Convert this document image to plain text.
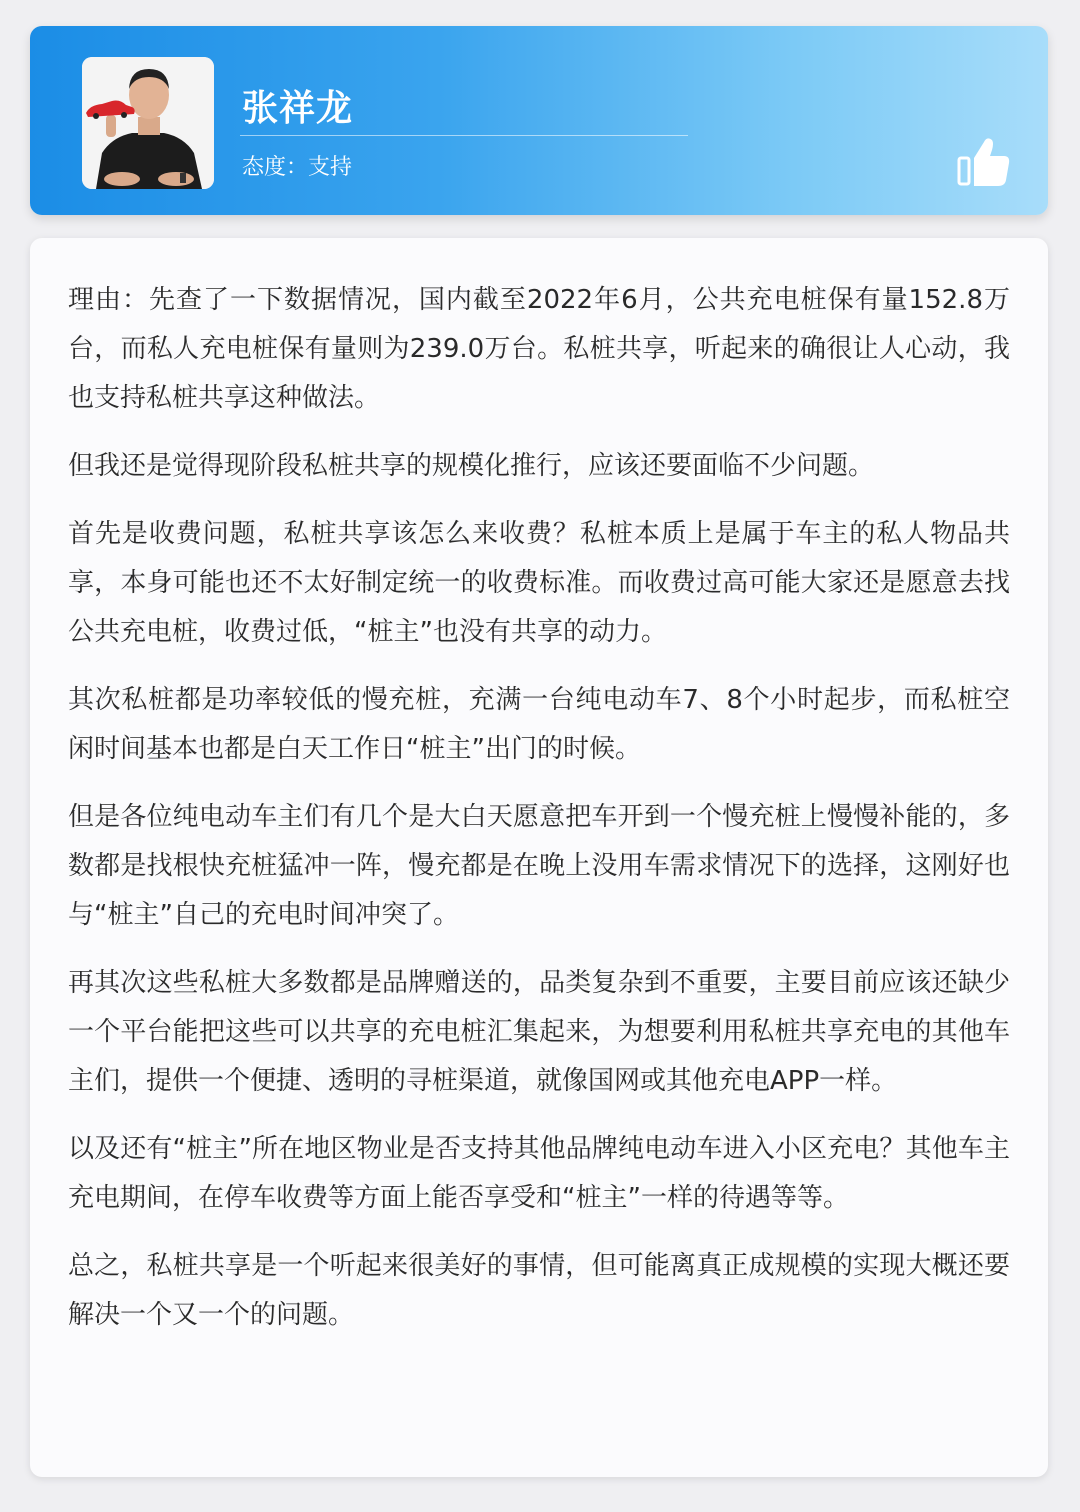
张祥龙
态度：支持

理由：先查了一下数据情况，国内截至2022年6月，公共充电桩保有量152.8万台，而私人充电桩保有量则为239.0万台。私桩共享，听起来的确很让人心动，我也支持私桩共享这种做法。

但我还是觉得现阶段私桩共享的规模化推行，应该还要面临不少问题。

首先是收费问题，私桩共享该怎么来收费？私桩本质上是属于车主的私人物品共享，本身可能也还不太好制定统一的收费标准。而收费过高可能大家还是愿意去找公共充电桩，收费过低，“桩主”也没有共享的动力。

其次私桩都是功率较低的慢充桩，充满一台纯电动车7、8个小时起步，而私桩空闲时间基本也都是白天工作日“桩主”出门的时候。

但是各位纯电动车主们有几个是大白天愿意把车开到一个慢充桩上慢慢补能的，多数都是找根快充桩猛冲一阵，慢充都是在晚上没用车需求情况下的选择，这刚好也与“桩主”自己的充电时间冲突了。

再其次这些私桩大多数都是品牌赠送的，品类复杂到不重要，主要目前应该还缺少一个平台能把这些可以共享的充电桩汇集起来，为想要利用私桩共享充电的其他车主们，提供一个便捷、透明的寻桩渠道，就像国网或其他充电APP一样。

以及还有“桩主”所在地区物业是否支持其他品牌纯电动车进入小区充电？其他车主充电期间，在停车收费等方面上能否享受和“桩主”一样的待遇等等。

总之，私桩共享是一个听起来很美好的事情，但可能离真正成规模的实现大概还要解决一个又一个的问题。
